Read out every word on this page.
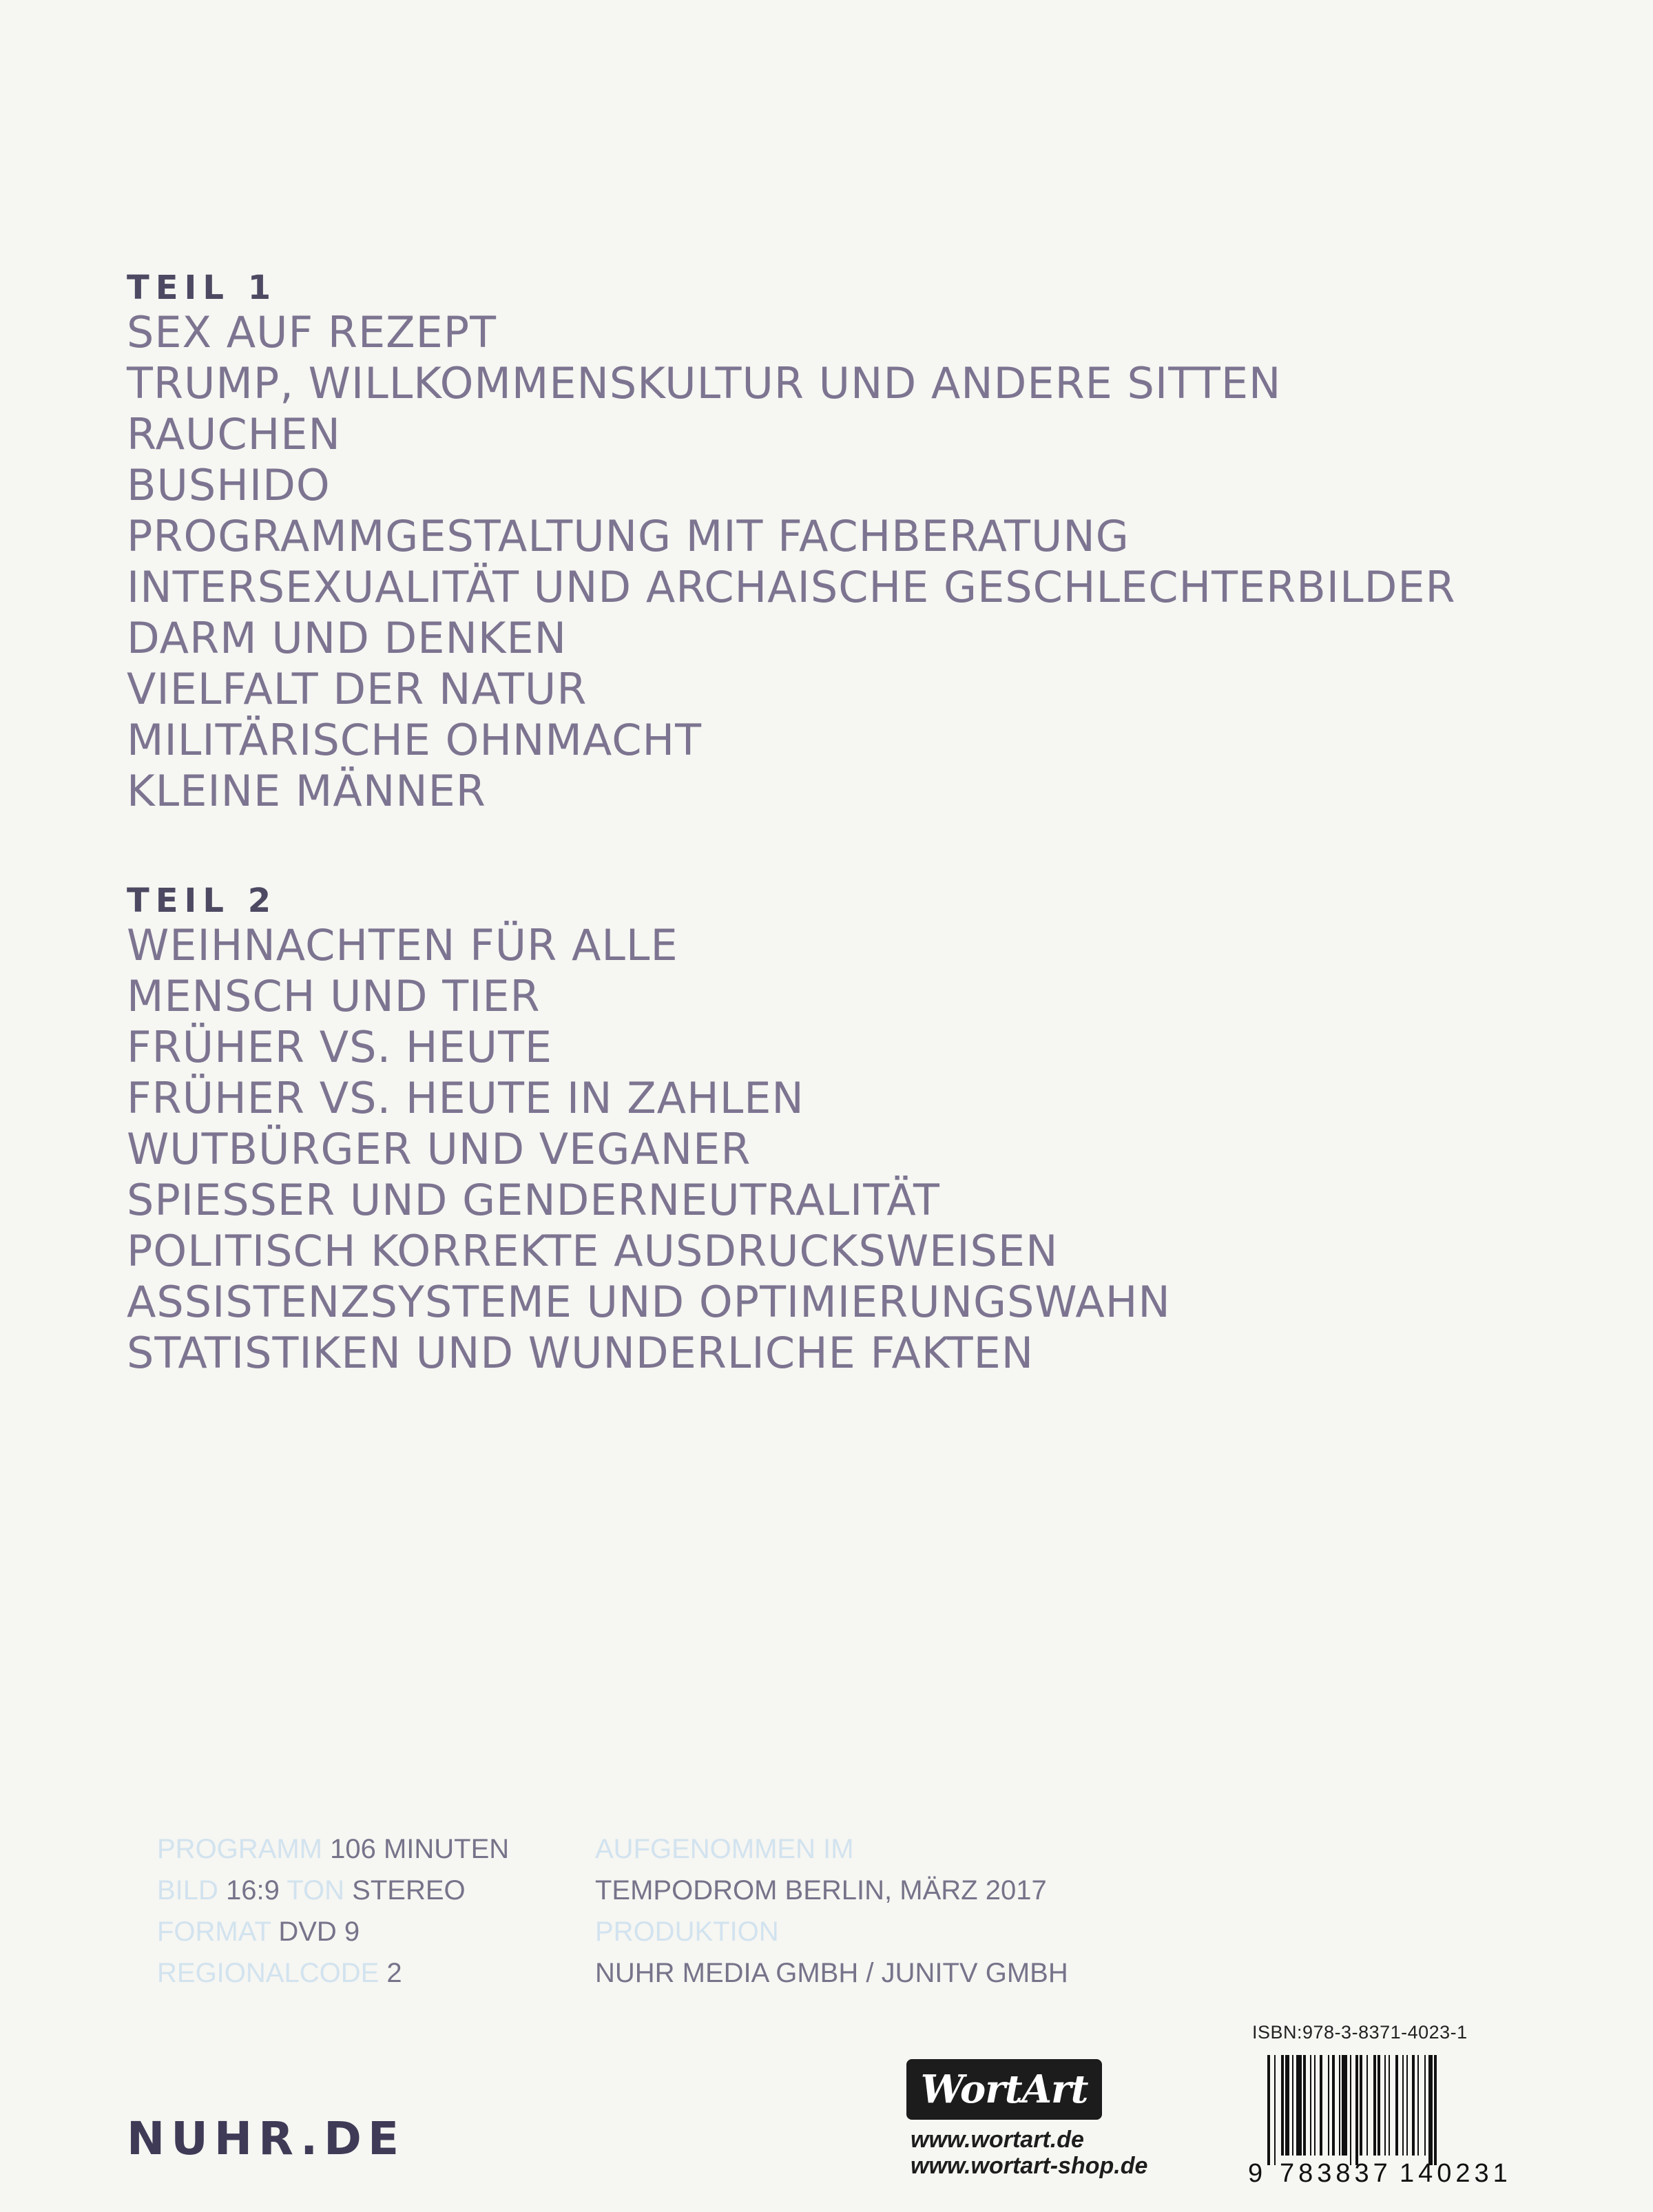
TEIL 1
SEX AUF REZEPT
TRUMP, WILLKOMMENSKULTUR UND ANDERE SITTEN
RAUCHEN
BUSHIDO
PROGRAMMGESTALTUNG MIT FACHBERATUNG
INTERSEXUALITÄT UND ARCHAISCHE GESCHLECHTERBILDER
DARM UND DENKEN
VIELFALT DER NATUR
MILITÄRISCHE OHNMACHT
KLEINE MÄNNER
TEIL 2
WEIHNACHTEN FÜR ALLE
MENSCH UND TIER
FRÜHER VS. HEUTE
FRÜHER VS. HEUTE IN ZAHLEN
WUTBÜRGER UND VEGANER
SPIESSER UND GENDERNEUTRALITÄT
POLITISCH KORREKTE AUSDRUCKSWEISEN
ASSISTENZSYSTEME UND OPTIMIERUNGSWAHN
STATISTIKEN UND WUNDERLICHE FAKTEN
PROGRAMM 106 MINUTEN
BILD 16:9 TON STEREO
FORMAT DVD 9
REGIONALCODE 2
AUFGENOMMEN IM
TEMPODROM BERLIN, MÄRZ 2017
PRODUKTION
NUHR MEDIA GMBH / JUNITV GMBH
NUHR.DE
WortArt
www.wortart.de
www.wortart-shop.de
ISBN:978-3-8371-4023-1
9 783837 140231
